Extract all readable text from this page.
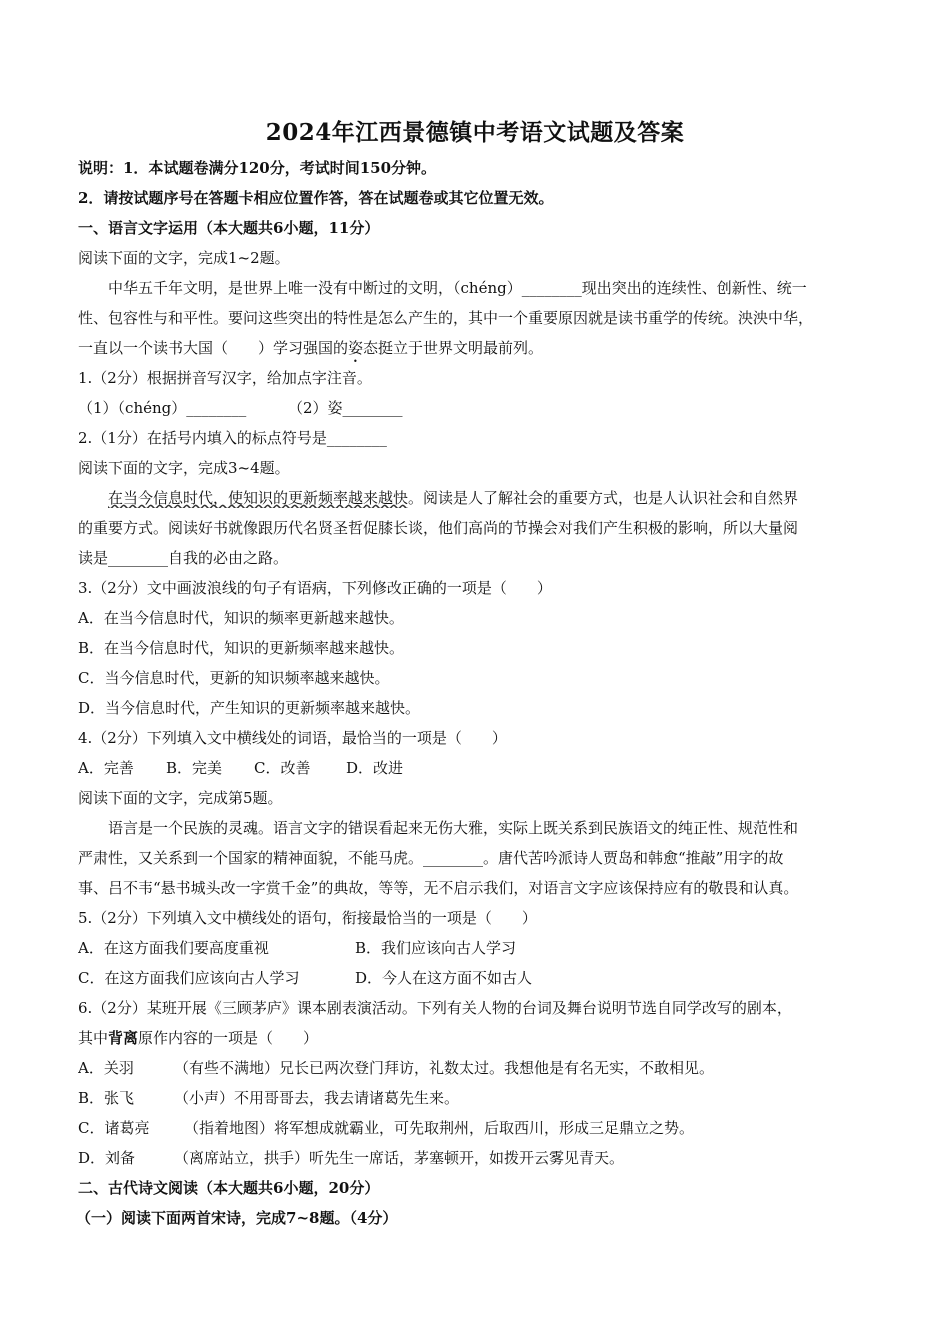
2024年江西景德镇中考语文试题及答案
说明：1．本试题卷满分120分，考试时间150分钟。
2．请按试题序号在答题卡相应位置作答，答在试题卷或其它位置无效。
一、语言文字运用（本大题共6小题，11分）
阅读下面的文字，完成1~2题。
中华五千年文明，是世界上唯一没有中断过的文明，（chéng）________现出突出的连续性、创新性、统一
性、包容性与和平性。要问这些突出的特性是怎么产生的，其中一个重要原因就是读书重学的传统。泱泱中华，
一直以一个读书大国（　　）学习强国的姿态挺立于世界文明最前列。
1.（2分）根据拼音写汉字，给加点字注音。
（1）（chéng）________	（2）姿________
2.（1分）在括号内填入的标点符号是________
阅读下面的文字，完成3~4题。
在当今信息时代，使知识的更新频率越来越快。阅读是人了解社会的重要方式，也是人认识社会和自然界
的重要方式。阅读好书就像跟历代名贤圣哲促膝长谈，他们高尚的节操会对我们产生积极的影响，所以大量阅
读是________自我的必由之路。
3.（2分）文中画波浪线的句子有语病，下列修改正确的一项是（　　）
A．在当今信息时代，知识的频率更新越来越快。
B．在当今信息时代，知识的更新频率越来越快。
C．当今信息时代，更新的知识频率越来越快。
D．当今信息时代，产生知识的更新频率越来越快。
4.（2分）下列填入文中横线处的词语，最恰当的一项是（　　）
A．完善 B．完美 C．改善 D．改进
阅读下面的文字，完成第5题。
语言是一个民族的灵魂。语言文字的错误看起来无伤大雅，实际上既关系到民族语文的纯正性、规范性和
严肃性，又关系到一个国家的精神面貌，不能马虎。________。唐代苦吟派诗人贾岛和韩愈“推敲”用字的故
事、吕不韦“悬书城头改一字赏千金”的典故，等等，无不启示我们，对语言文字应该保持应有的敬畏和认真。
5.（2分）下列填入文中横线处的语句，衔接最恰当的一项是（　　）
A．在这方面我们要高度重视	B．我们应该向古人学习
C．在这方面我们应该向古人学习	D．今人在这方面不如古人
6.（2分）某班开展《三顾茅庐》课本剧表演活动。下列有关人物的台词及舞台说明节选自同学改写的剧本，
其中背离原作内容的一项是（　　）
A．关羽	（有些不满地）兄长已两次登门拜访，礼数太过。我想他是有名无实，不敢相见。
B．张飞	（小声）不用哥哥去，我去请诸葛先生来。
C．诸葛亮 （指着地图）将军想成就霸业，可先取荆州，后取西川，形成三足鼎立之势。
D．刘备	（离席站立，拱手）听先生一席话，茅塞顿开，如拨开云雾见青天。
二、古代诗文阅读（本大题共6小题，20分）
（一）阅读下面两首宋诗，完成7~8题。（4分）
